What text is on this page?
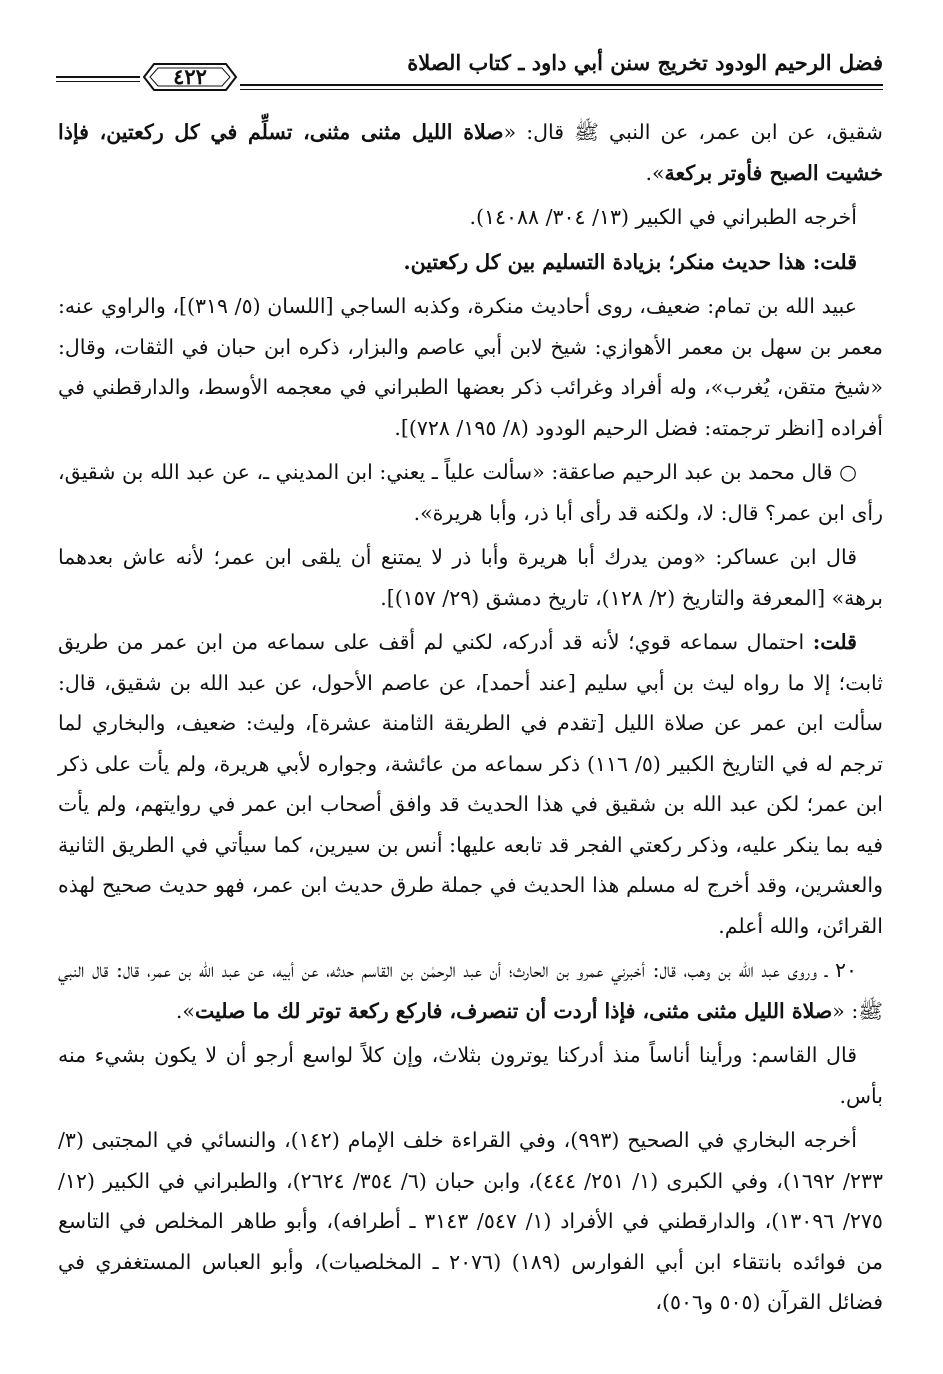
فضل الرحيم الودود تخريج سنن أبي داود ـ كتاب الصلاة
٤٢٢

شقيق، عن ابن عمر، عن النبي ﷺ قال: «صلاة الليل مثنى مثنى، تسلِّم في كل ركعتين، فإذا خشيت الصبح فأوتر بركعة».

أخرجه الطبراني في الكبير (١٣/ ٣٠٤/ ١٤٠٨٨).

قلت: هذا حديث منكر؛ بزيادة التسليم بين كل ركعتين.

عبيد الله بن تمام: ضعيف، روى أحاديث منكرة، وكذبه الساجي [اللسان (٥/ ٣١٩)]، والراوي عنه: معمر بن سهل بن معمر الأهوازي: شيخ لابن أبي عاصم والبزار، ذكره ابن حبان في الثقات، وقال: «شيخ متقن، يُغرب»، وله أفراد وغرائب ذكر بعضها الطبراني في معجمه الأوسط، والدارقطني في أفراده [انظر ترجمته: فضل الرحيم الودود (٨/ ١٩٥/ ٧٢٨)].

○ قال محمد بن عبد الرحيم صاعقة: «سألت علياً ـ يعني: ابن المديني ـ، عن عبد الله بن شقيق، رأى ابن عمر؟ قال: لا، ولكنه قد رأى أبا ذر، وأبا هريرة».

قال ابن عساكر: «ومن يدرك أبا هريرة وأبا ذر لا يمتنع أن يلقى ابن عمر؛ لأنه عاش بعدهما برهة» [المعرفة والتاريخ (٢/ ١٢٨)، تاريخ دمشق (٢٩/ ١٥٧)].

قلت: احتمال سماعه قوي؛ لأنه قد أدركه، لكني لم أقف على سماعه من ابن عمر من طريق ثابت؛ إلا ما رواه ليث بن أبي سليم [عند أحمد]، عن عاصم الأحول، عن عبد الله بن شقيق، قال: سألت ابن عمر عن صلاة الليل [تقدم في الطريقة الثامنة عشرة]، وليث: ضعيف، والبخاري لما ترجم له في التاريخ الكبير (٥/ ١١٦) ذكر سماعه من عائشة، وجواره لأبي هريرة، ولم يأت على ذكر ابن عمر؛ لكن عبد الله بن شقيق في هذا الحديث قد وافق أصحاب ابن عمر في روايتهم، ولم يأت فيه بما ينكر عليه، وذكر ركعتي الفجر قد تابعه عليها: أنس بن سيرين، كما سيأتي في الطريق الثانية والعشرين، وقد أخرج له مسلم هذا الحديث في جملة طرق حديث ابن عمر، فهو حديث صحيح لهذه القرائن، والله أعلم.

٢٠ ـ وروى عبد الله بن وهب، قال: أخبرني عمرو بن الحارث؛ أن عبد الرحمٰن بن القاسم حدثه، عن أبيه، عن عبد الله بن عمر، قال: قال النبي ﷺ: «صلاة الليل مثنى مثنى، فإذا أردت أن تنصرف، فاركع ركعة توتر لك ما صليت».

قال القاسم: ورأينا أناساً منذ أدركنا يوترون بثلاث، وإن كلاً لواسع أرجو أن لا يكون بشيء منه بأس.

أخرجه البخاري في الصحيح (٩٩٣)، وفي القراءة خلف الإمام (١٤٢)، والنسائي في المجتبى (٣/ ٢٣٣/ ١٦٩٢)، وفي الكبرى (١/ ٢٥١/ ٤٤٤)، وابن حبان (٦/ ٣٥٤/ ٢٦٢٤)، والطبراني في الكبير (١٢/ ٢٧٥/ ١٣٠٩٦)، والدارقطني في الأفراد (١/ ٥٤٧/ ٣١٤٣ ـ أطرافه)، وأبو طاهر المخلص في التاسع من فوائده بانتقاء ابن أبي الفوارس (١٨٩) (٢٠٧٦ ـ المخلصيات)، وأبو العباس المستغفري في فضائل القرآن (٥٠٥ و٥٠٦)،
